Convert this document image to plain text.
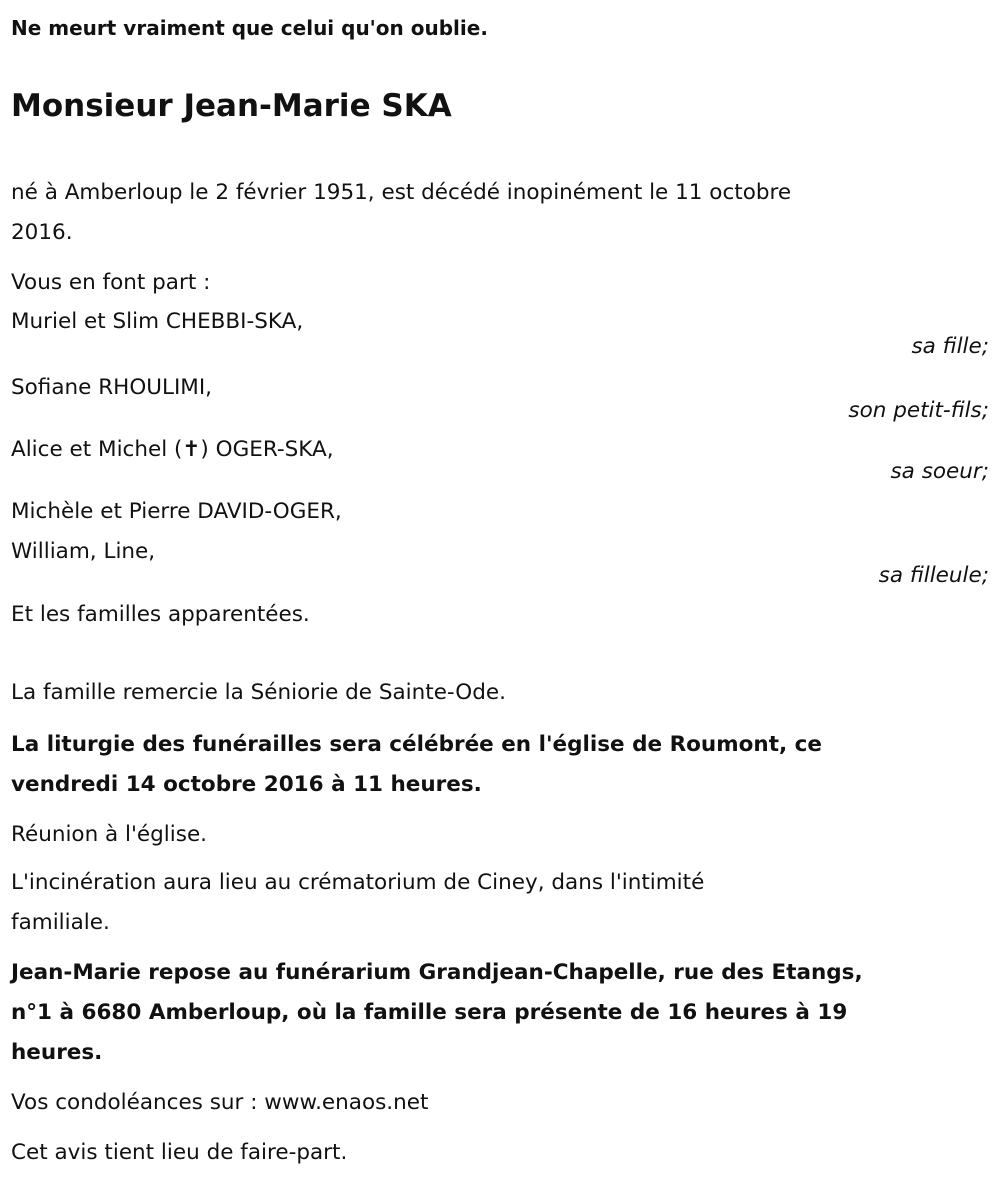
Ne meurt vraiment que celui qu'on oublie.
Monsieur Jean-Marie SKA
né à Amberloup le 2 février 1951, est décédé inopinément le 11 octobre
2016.
Vous en font part :
Muriel et Slim CHEBBI-SKA,
sa fille;
Sofiane RHOULIMI,
son petit-fils;
Alice et Michel (✝) OGER-SKA,
sa soeur;
Michèle et Pierre DAVID-OGER,
William, Line,
sa filleule;
Et les familles apparentées.
La famille remercie la Séniorie de Sainte-Ode.
La liturgie des funérailles sera célébrée en l'église de Roumont, ce
vendredi 14 octobre 2016 à 11 heures.
Réunion à l'église.
L'incinération aura lieu au crématorium de Ciney, dans l'intimité
familiale.
Jean-Marie repose au funérarium Grandjean-Chapelle, rue des Etangs,
n°1 à 6680 Amberloup, où la famille sera présente de 16 heures à 19
heures.
Vos condoléances sur : www.enaos.net
Cet avis tient lieu de faire-part.
